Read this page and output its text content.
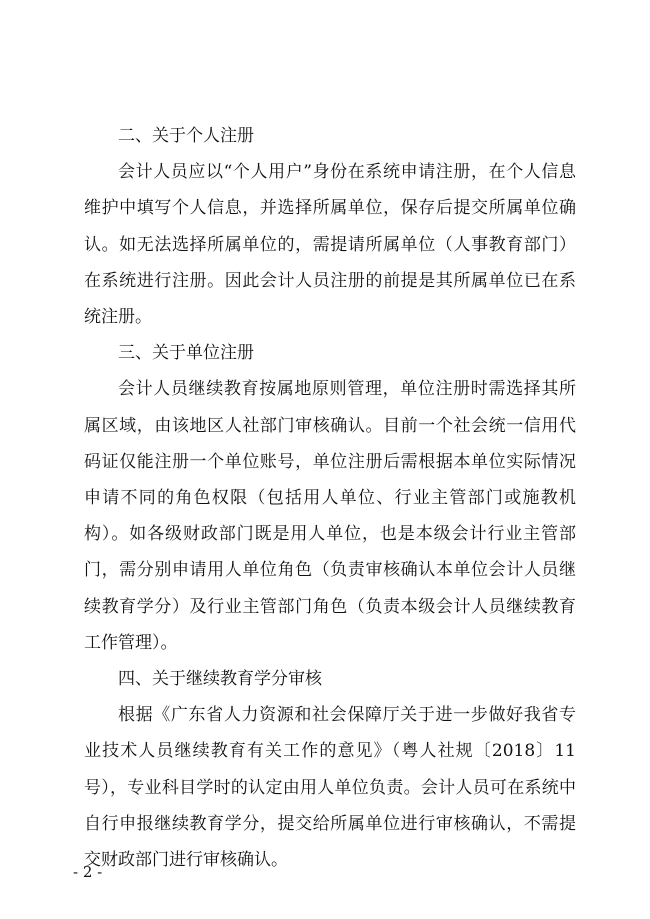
二、关于个人注册

会计人员应以“个人用户”身份在系统申请注册，在个人信息维护中填写个人信息，并选择所属单位，保存后提交所属单位确认。如无法选择所属单位的，需提请所属单位（人事教育部门）在系统进行注册。因此会计人员注册的前提是其所属单位已在系统注册。

三、关于单位注册

会计人员继续教育按属地原则管理，单位注册时需选择其所属区域，由该地区人社部门审核确认。目前一个社会统一信用代码证仅能注册一个单位账号，单位注册后需根据本单位实际情况申请不同的角色权限（包括用人单位、行业主管部门或施教机构）。如各级财政部门既是用人单位，也是本级会计行业主管部门，需分别申请用人单位角色（负责审核确认本单位会计人员继续教育学分）及行业主管部门角色（负责本级会计人员继续教育工作管理）。

四、关于继续教育学分审核

根据《广东省人力资源和社会保障厅关于进一步做好我省专业技术人员继续教育有关工作的意见》（粤人社规〔2018〕11号），专业科目学时的认定由用人单位负责。会计人员可在系统中自行申报继续教育学分，提交给所属单位进行审核确认，不需提交财政部门进行审核确认。

- 2 -
